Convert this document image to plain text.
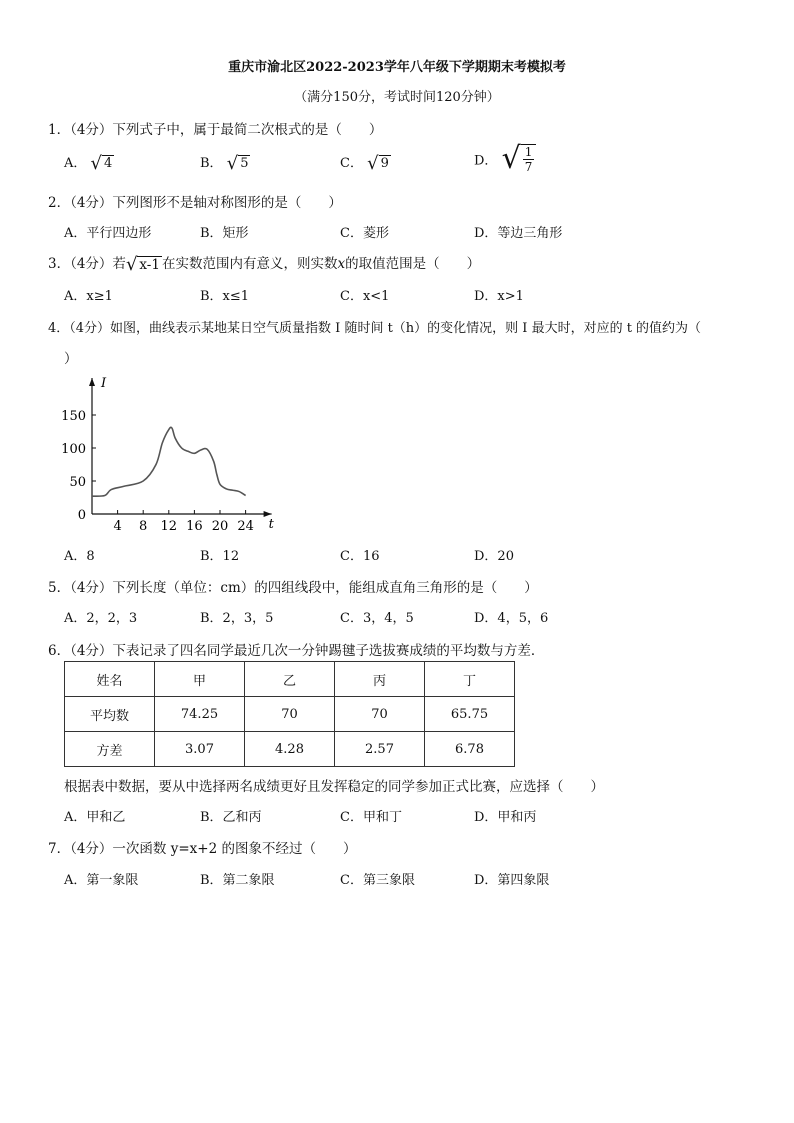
重庆市渝北区2022-2023学年八年级下学期期末考模拟考
（满分150分，考试时间120分钟）
1．（4分）下列式子中，属于最简二次根式的是（　　）
A． √ 4	B． √ 5	C． √ 9	D． √ $\frac{1}{7}$
2．（4分）下列图形不是轴对称图形的是（　　）
A．平行四边形	B．矩形	C．菱形	D．等边三角形
3．（4分）若√ x-1 在实数范围内有意义，则实数x的取值范围是（　　）
A．x≥1	B．x≤1	C．x<1	D．x>1
4．（4分）如图，曲线表示某地某日空气质量指数 I 随时间 t（h）的变化情况，则 I 最大时，对应的 t 的值约为（
）
I
t
4 8 12 16 20 24
0
50
100
150
A．8	B．12	C．16	D．20
5．（4分）下列长度（单位：cm）的四组线段中，能组成直角三角形的是（　　）
A．2，2，3	B．2，3，5	C．3，4，5	D．4，5，6
6．（4分）下表记录了四名同学最近几次一分钟踢毽子选拔赛成绩的平均数与方差．
姓名	甲	乙	丙	丁
平均数	74.25	70	70	65.75
方差	3.07	4.28	2.57	6.78
根据表中数据，要从中选择两名成绩更好且发挥稳定的同学参加正式比赛，应选择（　　）
A．甲和乙	B．乙和丙	C．甲和丁	D．甲和丙
7．（4分）一次函数 y=x+2 的图象不经过（　　）
A．第一象限	B．第二象限	C．第三象限	D．第四象限
